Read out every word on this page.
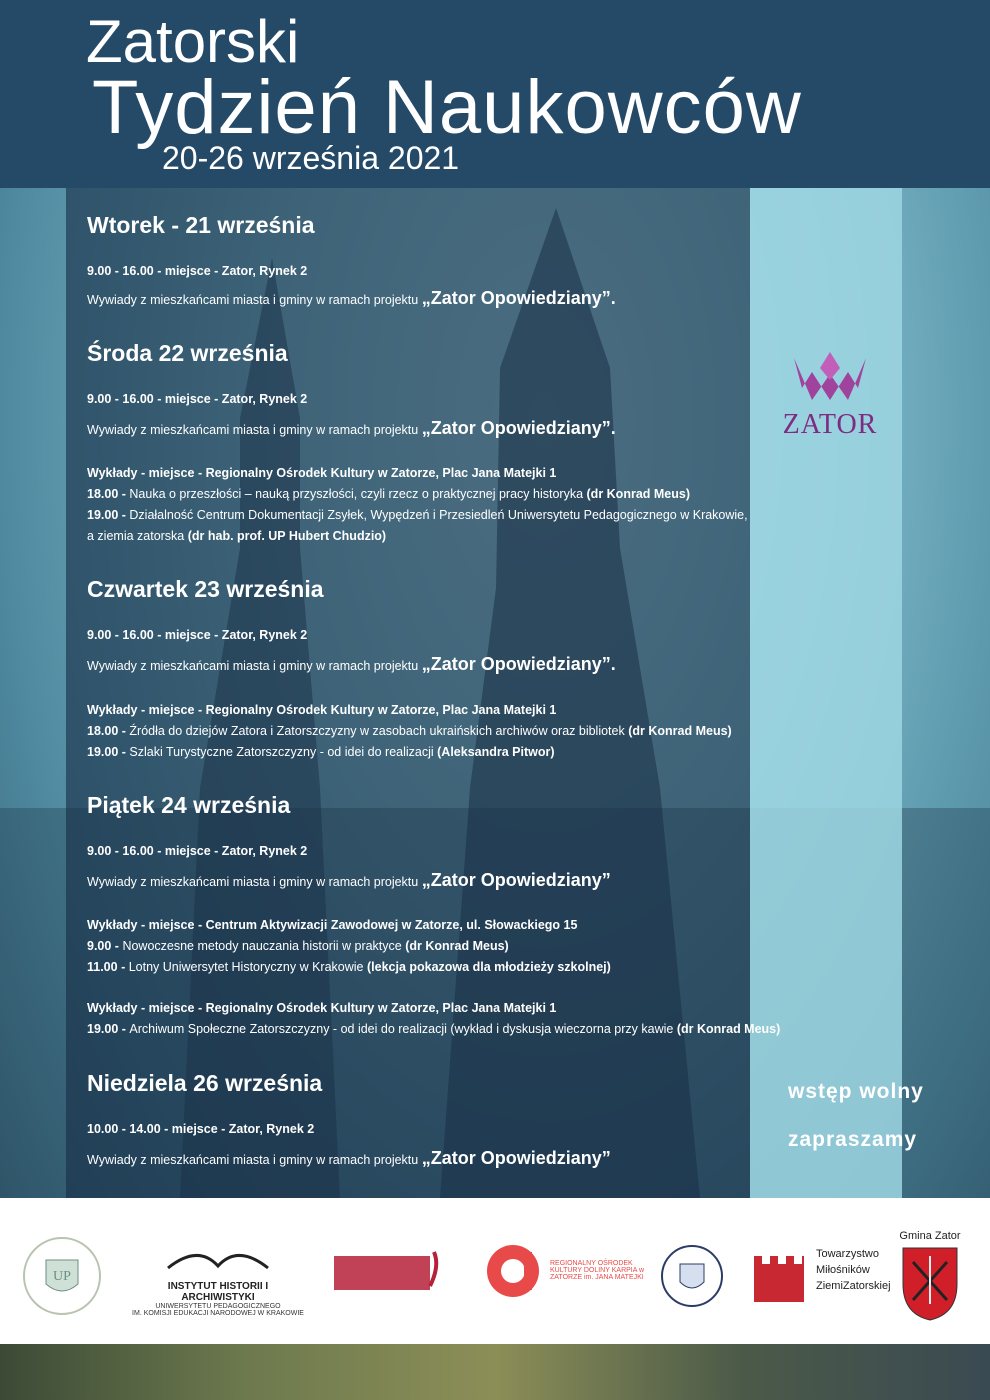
Zatorski
Tydzień Naukowców
20-26 września 2021
Wtorek - 21 września
9.00 - 16.00 - miejsce - Zator, Rynek 2
Wywiady z mieszkańcami miasta i gminy w ramach projektu „Zator Opowiedziany”.
Środa 22 września
9.00 - 16.00 - miejsce - Zator, Rynek 2
Wywiady z mieszkańcami miasta i gminy w ramach projektu „Zator Opowiedziany”.
Wykłady - miejsce - Regionalny Ośrodek Kultury w Zatorze, Plac Jana Matejki 1
18.00 - Nauka o przeszłości – nauką przyszłości, czyli rzecz o praktycznej pracy historyka (dr Konrad Meus)
19.00 - Działalność Centrum Dokumentacji Zsyłek, Wypędzeń i Przesiedleń Uniwersytetu Pedagogicznego w Krakowie,
a ziemia zatorska (dr hab. prof. UP Hubert Chudzio)
Czwartek 23 września
9.00 - 16.00 - miejsce - Zator, Rynek 2
Wywiady z mieszkańcami miasta i gminy w ramach projektu „Zator Opowiedziany”.
Wykłady - miejsce - Regionalny Ośrodek Kultury w Zatorze, Plac Jana Matejki 1
18.00 - Źródła do dziejów Zatora i Zatorszczyzny w zasobach ukraińskich archiwów oraz bibliotek (dr Konrad Meus)
19.00 - Szlaki Turystyczne Zatorszczyzny - od idei do realizacji (Aleksandra Pitwor)
Piątek 24 września
9.00 - 16.00 - miejsce - Zator, Rynek 2
Wywiady z mieszkańcami miasta i gminy w ramach projektu „Zator Opowiedziany”
Wykłady - miejsce - Centrum Aktywizacji Zawodowej w Zatorze, ul. Słowackiego 15
9.00 - Nowoczesne metody nauczania historii w praktyce (dr Konrad Meus)
11.00 - Lotny Uniwersytet Historyczny w Krakowie (lekcja pokazowa dla młodzieży szkolnej)
Wykłady - miejsce - Regionalny Ośrodek Kultury w Zatorze, Plac Jana Matejki 1
19.00 - Archiwum Społeczne Zatorszczyzny - od idei do realizacji (wykład i dyskusja wieczorna przy kawie (dr Konrad Meus)
Niedziela 26 września
10.00 - 14.00 - miejsce - Zator, Rynek 2
Wywiady z mieszkańcami miasta i gminy w ramach projektu „Zator Opowiedziany”
ZATOR
wstęp wolny
zapraszamy
UP
INSTYTUT HISTORII I ARCHIWISTYKI
UNIWERSYTETU PEDAGOGICZNEGO
IM. KOMISJI EDUKACJI NARODOWEJ W KRAKOWIE
REGIONALNY OŚRODEK KULTURY DOLINY KARPIA w ZATORZE im. JANA MATEJKI
Towarzystwo
Miłośników
ZiemiZatorskiej
Gmina Zator
